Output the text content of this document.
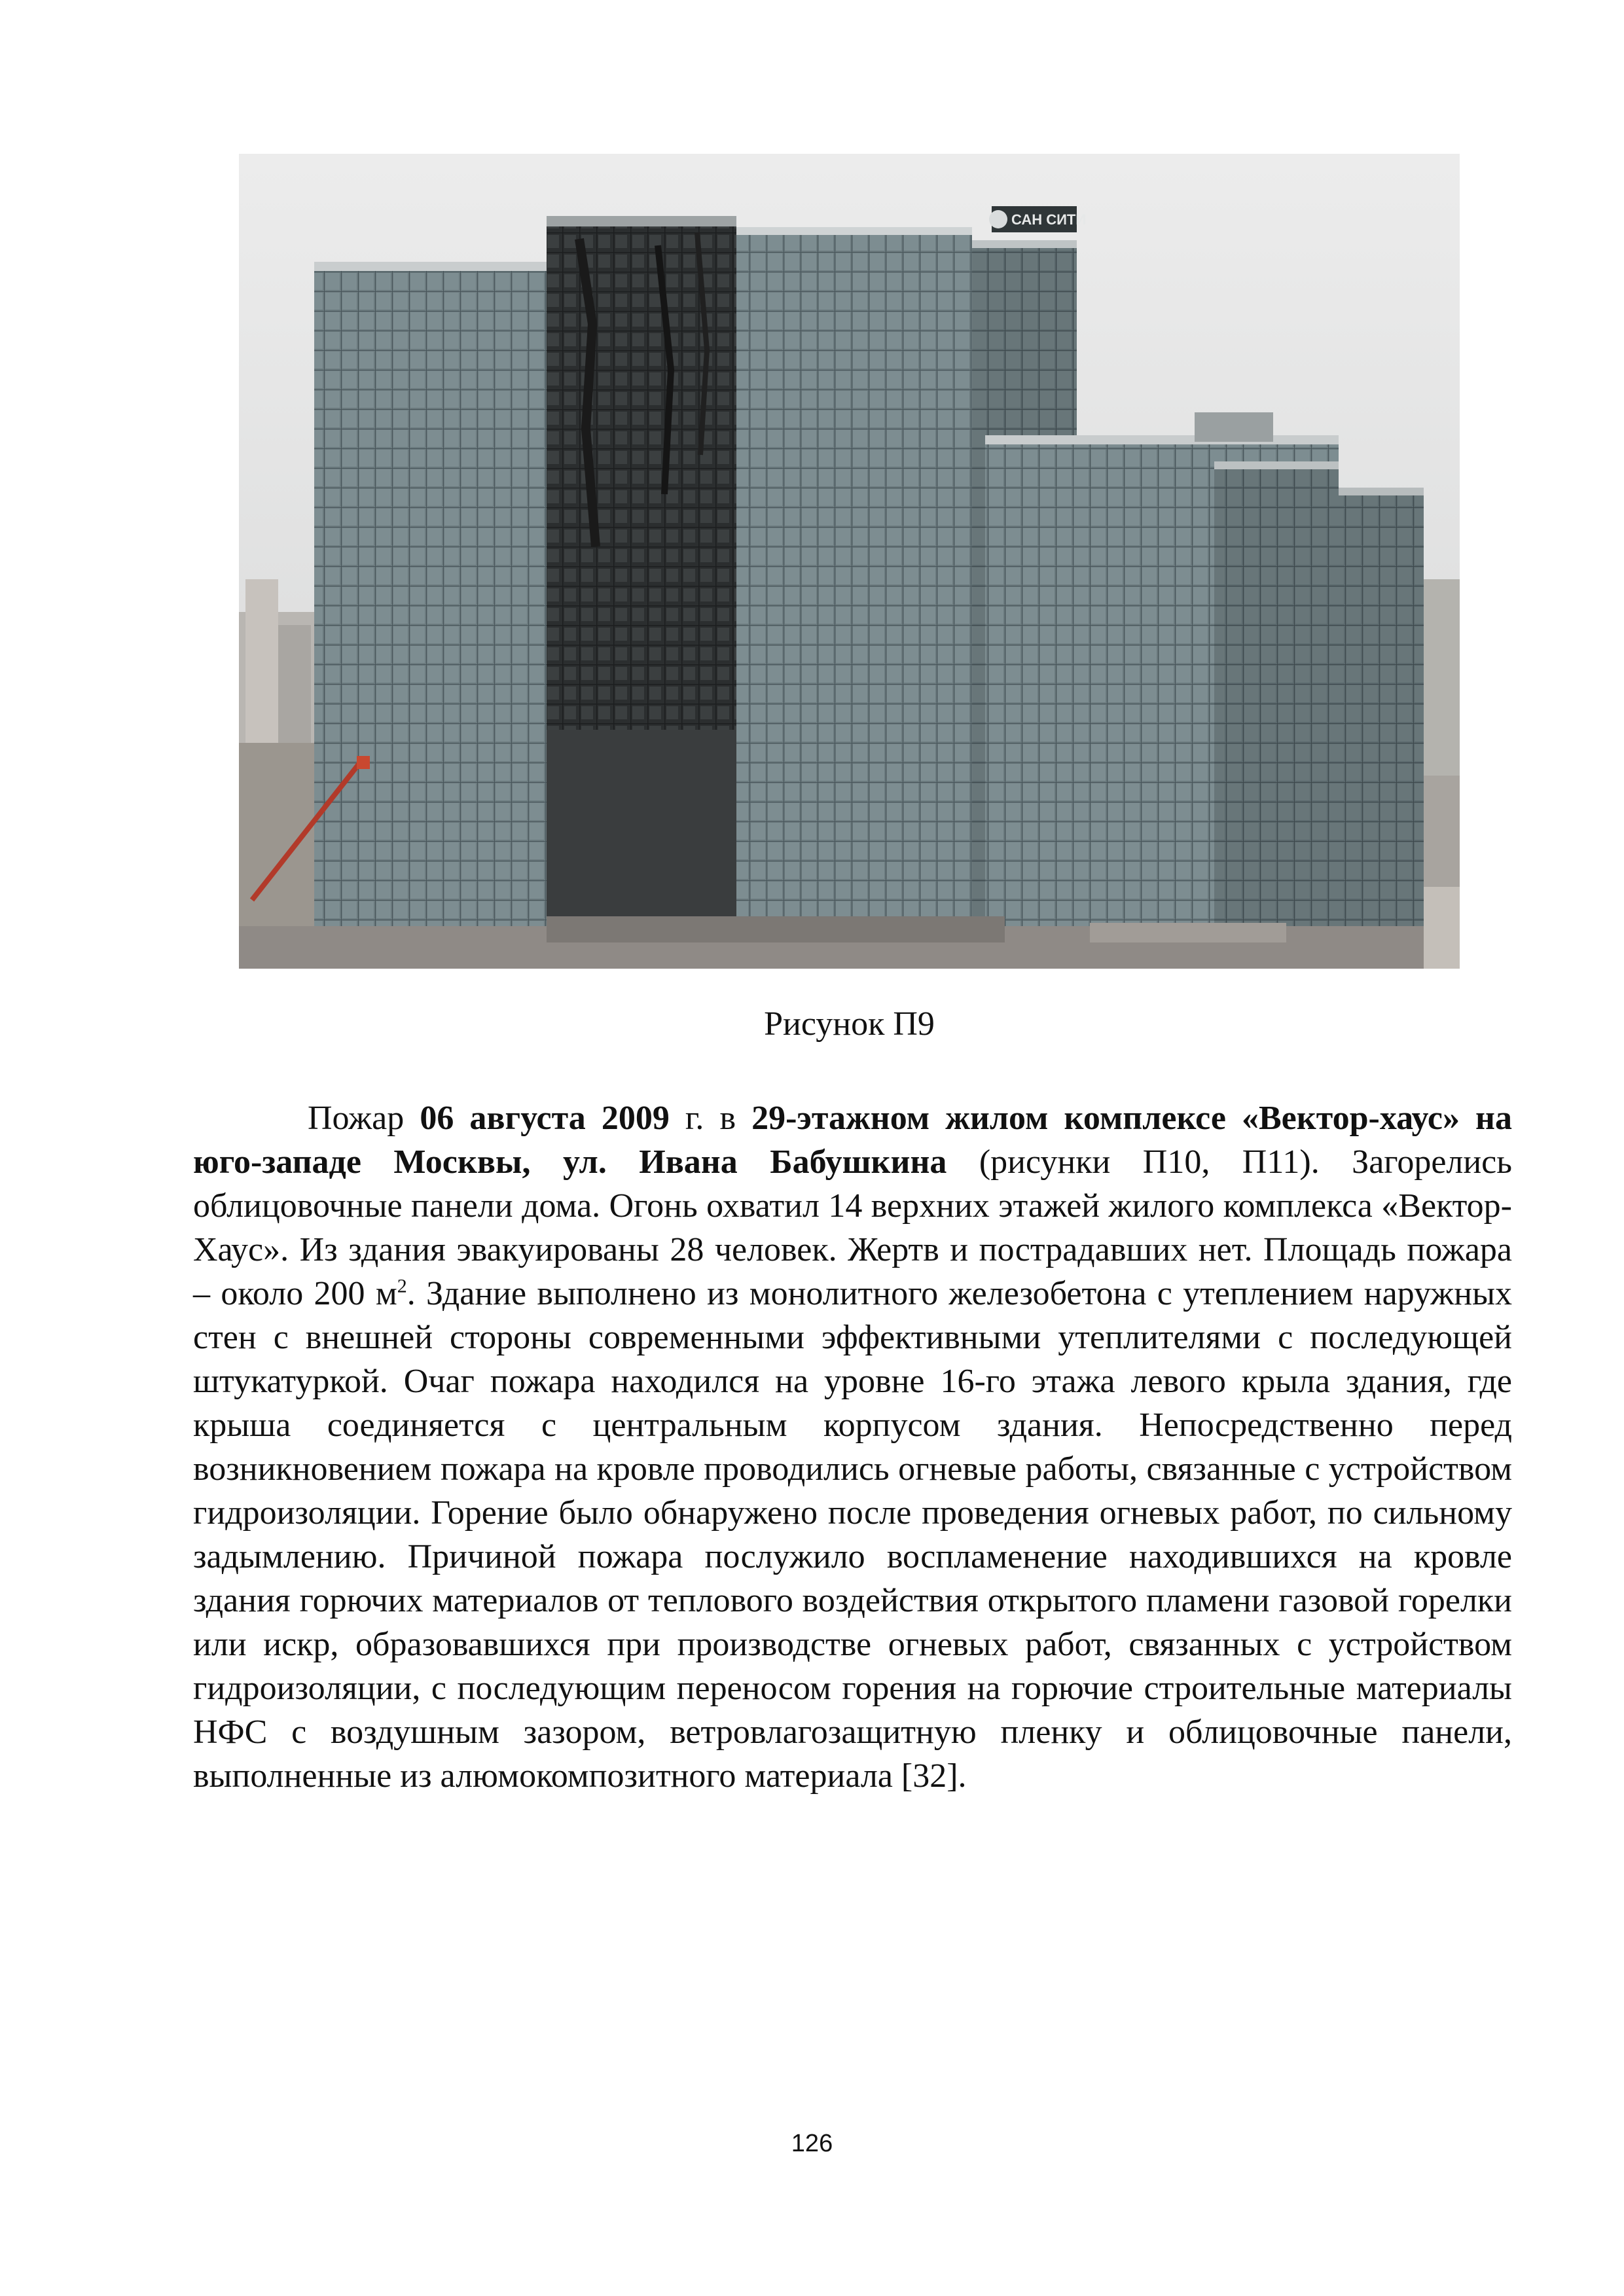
САН СИТИ
Рисунок П9
Пожар 06 августа 2009 г. в 29-этажном жилом комплексе «Вектор-хаус» на юго-западе Москвы, ул. Ивана Бабушкина (рисунки П10, П11). Загорелись облицовочные панели дома. Огонь охватил 14 верхних этажей жилого комплекса «Вектор-Хаус». Из здания эвакуированы 28 человек. Жертв и пострадавших нет. Площадь пожара – около 200 $м^2$. Здание выполнено из монолитного железобетона с утеплением наружных стен с внешней стороны современными эффективными утеплителями с последующей штукатуркой. Очаг пожара находился на уровне 16-го этажа левого крыла здания, где крыша соединяется с центральным корпусом здания. Непосредственно перед возникновением пожара на кровле проводились огневые работы, связанные с устройством гидроизоляции. Горение было обнаружено после проведения огневых работ, по сильному задымлению. Причиной пожара послужило воспламенение находившихся на кровле здания горючих материалов от теплового воздействия открытого пламени газовой горелки или искр, образовавшихся при производстве огневых работ, связанных с устройством гидроизоляции, с последующим переносом горения на горючие строительные материалы НФС с воздушным зазором, ветровлагозащитную пленку и облицовочные панели, выполненные из алюмокомпозитного материала [32].
126
